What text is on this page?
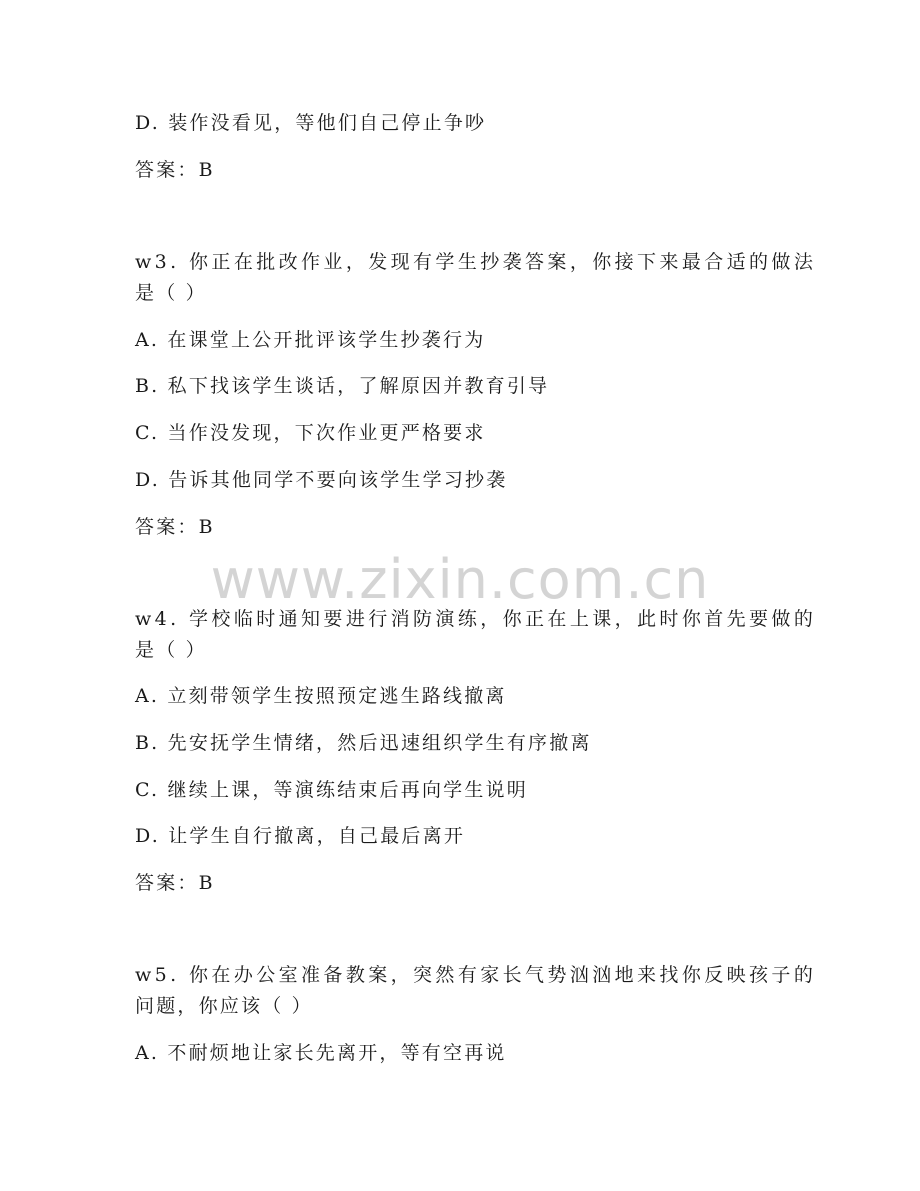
www.zixin.com.cn
D. 装作没看见，等他们自己停止争吵
答案：B
w3. 你正在批改作业，发现有学生抄袭答案，你接下来最合适的做法
是（ ）
A. 在课堂上公开批评该学生抄袭行为
B. 私下找该学生谈话，了解原因并教育引导
C. 当作没发现，下次作业更严格要求
D. 告诉其他同学不要向该学生学习抄袭
答案：B
w4. 学校临时通知要进行消防演练，你正在上课，此时你首先要做的
是（ ）
A. 立刻带领学生按照预定逃生路线撤离
B. 先安抚学生情绪，然后迅速组织学生有序撤离
C. 继续上课，等演练结束后再向学生说明
D. 让学生自行撤离，自己最后离开
答案：B
w5. 你在办公室准备教案，突然有家长气势汹汹地来找你反映孩子的
问题，你应该（ ）
A. 不耐烦地让家长先离开，等有空再说
